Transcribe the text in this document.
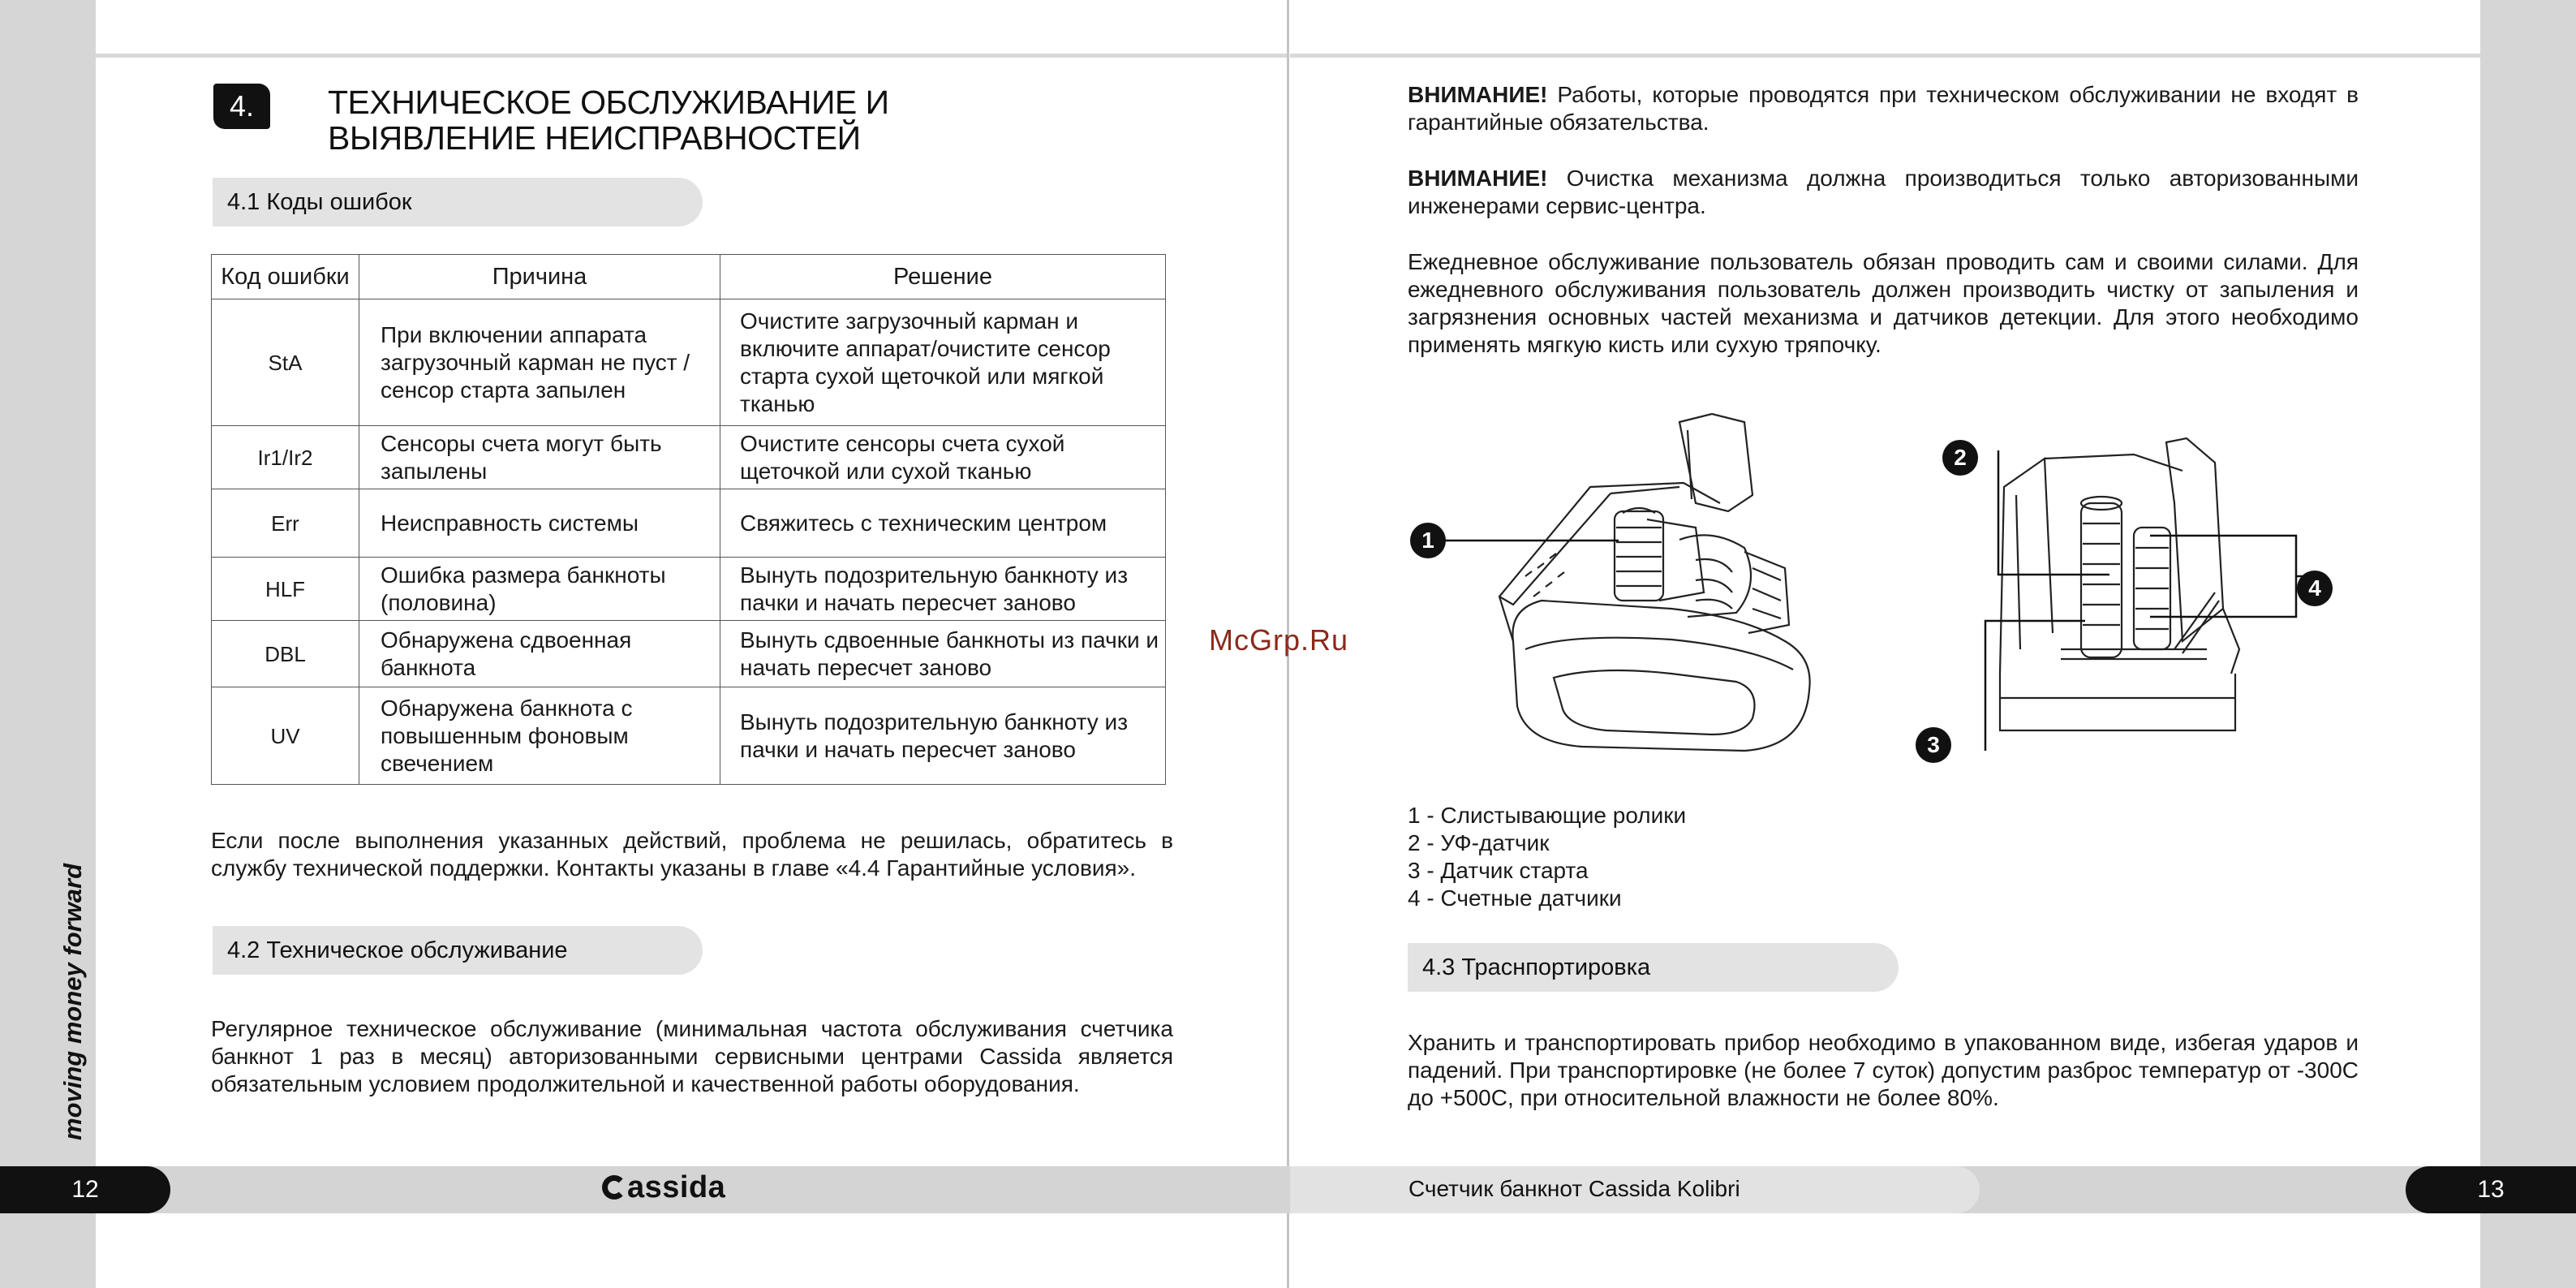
moving money forward
4.	ТЕХНИЧЕСКОЕ ОБСЛУЖИВАНИЕ И
ВЫЯВЛЕНИЕ НЕИСПРАВНОСТЕЙ
4.1 Коды ошибок
Код ошибки	Причина	Решение
StA	При включении аппарата загрузочный карман не пуст /сенсор старта запылен	Очистите загрузочный карман и включите аппарат/очистите сенсор старта сухой щеточкой или мягкой тканью
Ir1/Ir2	Сенсоры счета могут быть запылены	Очистите сенсоры счета сухой щеточкой или сухой тканью
Err	Неисправность системы	Свяжитесь с техническим центром
HLF	Ошибка размера банкноты (половина)	Вынуть подозрительную банкноту из пачки и начать пересчет заново
DBL	Обнаружена сдвоенная банкнота	Вынуть сдвоенные банкноты из пачки и начать пересчет заново
UV	Обнаружена банкнота с повышенным фоновым свечением	Вынуть подозрительную банкноту из пачки и начать пересчет заново
Если после выполнения указанных действий, проблема не решилась, обратитесь в службу технической поддержки. Контакты указаны в главе «4.4 Гарантийные условия».
4.2 Техническое обслуживание
Регулярное техническое обслуживание (минимальная частота обслуживания счетчика банкнот 1 раз в месяц) авторизованными сервисными центрами Cassida является обязательным условием продолжительной и качественной работы оборудования.
ВНИМАНИЕ! Работы, которые проводятся при техническом обслуживании не входят в гарантийные обязательства.
ВНИМАНИЕ! Очистка механизма должна производиться только авторизованными инженерами сервис-центра.
Ежедневное обслуживание пользователь обязан проводить сам и своими силами. Для ежедневного обслуживания пользователь должен производить чистку от запыления и загрязнения основных частей механизма и датчиков детекции. Для этого необходимо применять мягкую кисть или сухую тряпочку.
1
2
3
4
McGrp.Ru
1 - Слистывающие ролики
2 - УФ-датчик
3 - Датчик старта
4 - Счетные датчики
4.3 Траснпортировка
Хранить и транспортировать прибор необходимо в упакованном виде, избегая ударов и падений. При транспортировке (не более 7 суток) допустим разброс температур от -300С до +500С, при относительной влажности не более 80%.
12	13
assida	Счетчик банкнот Cassida Kolibri
